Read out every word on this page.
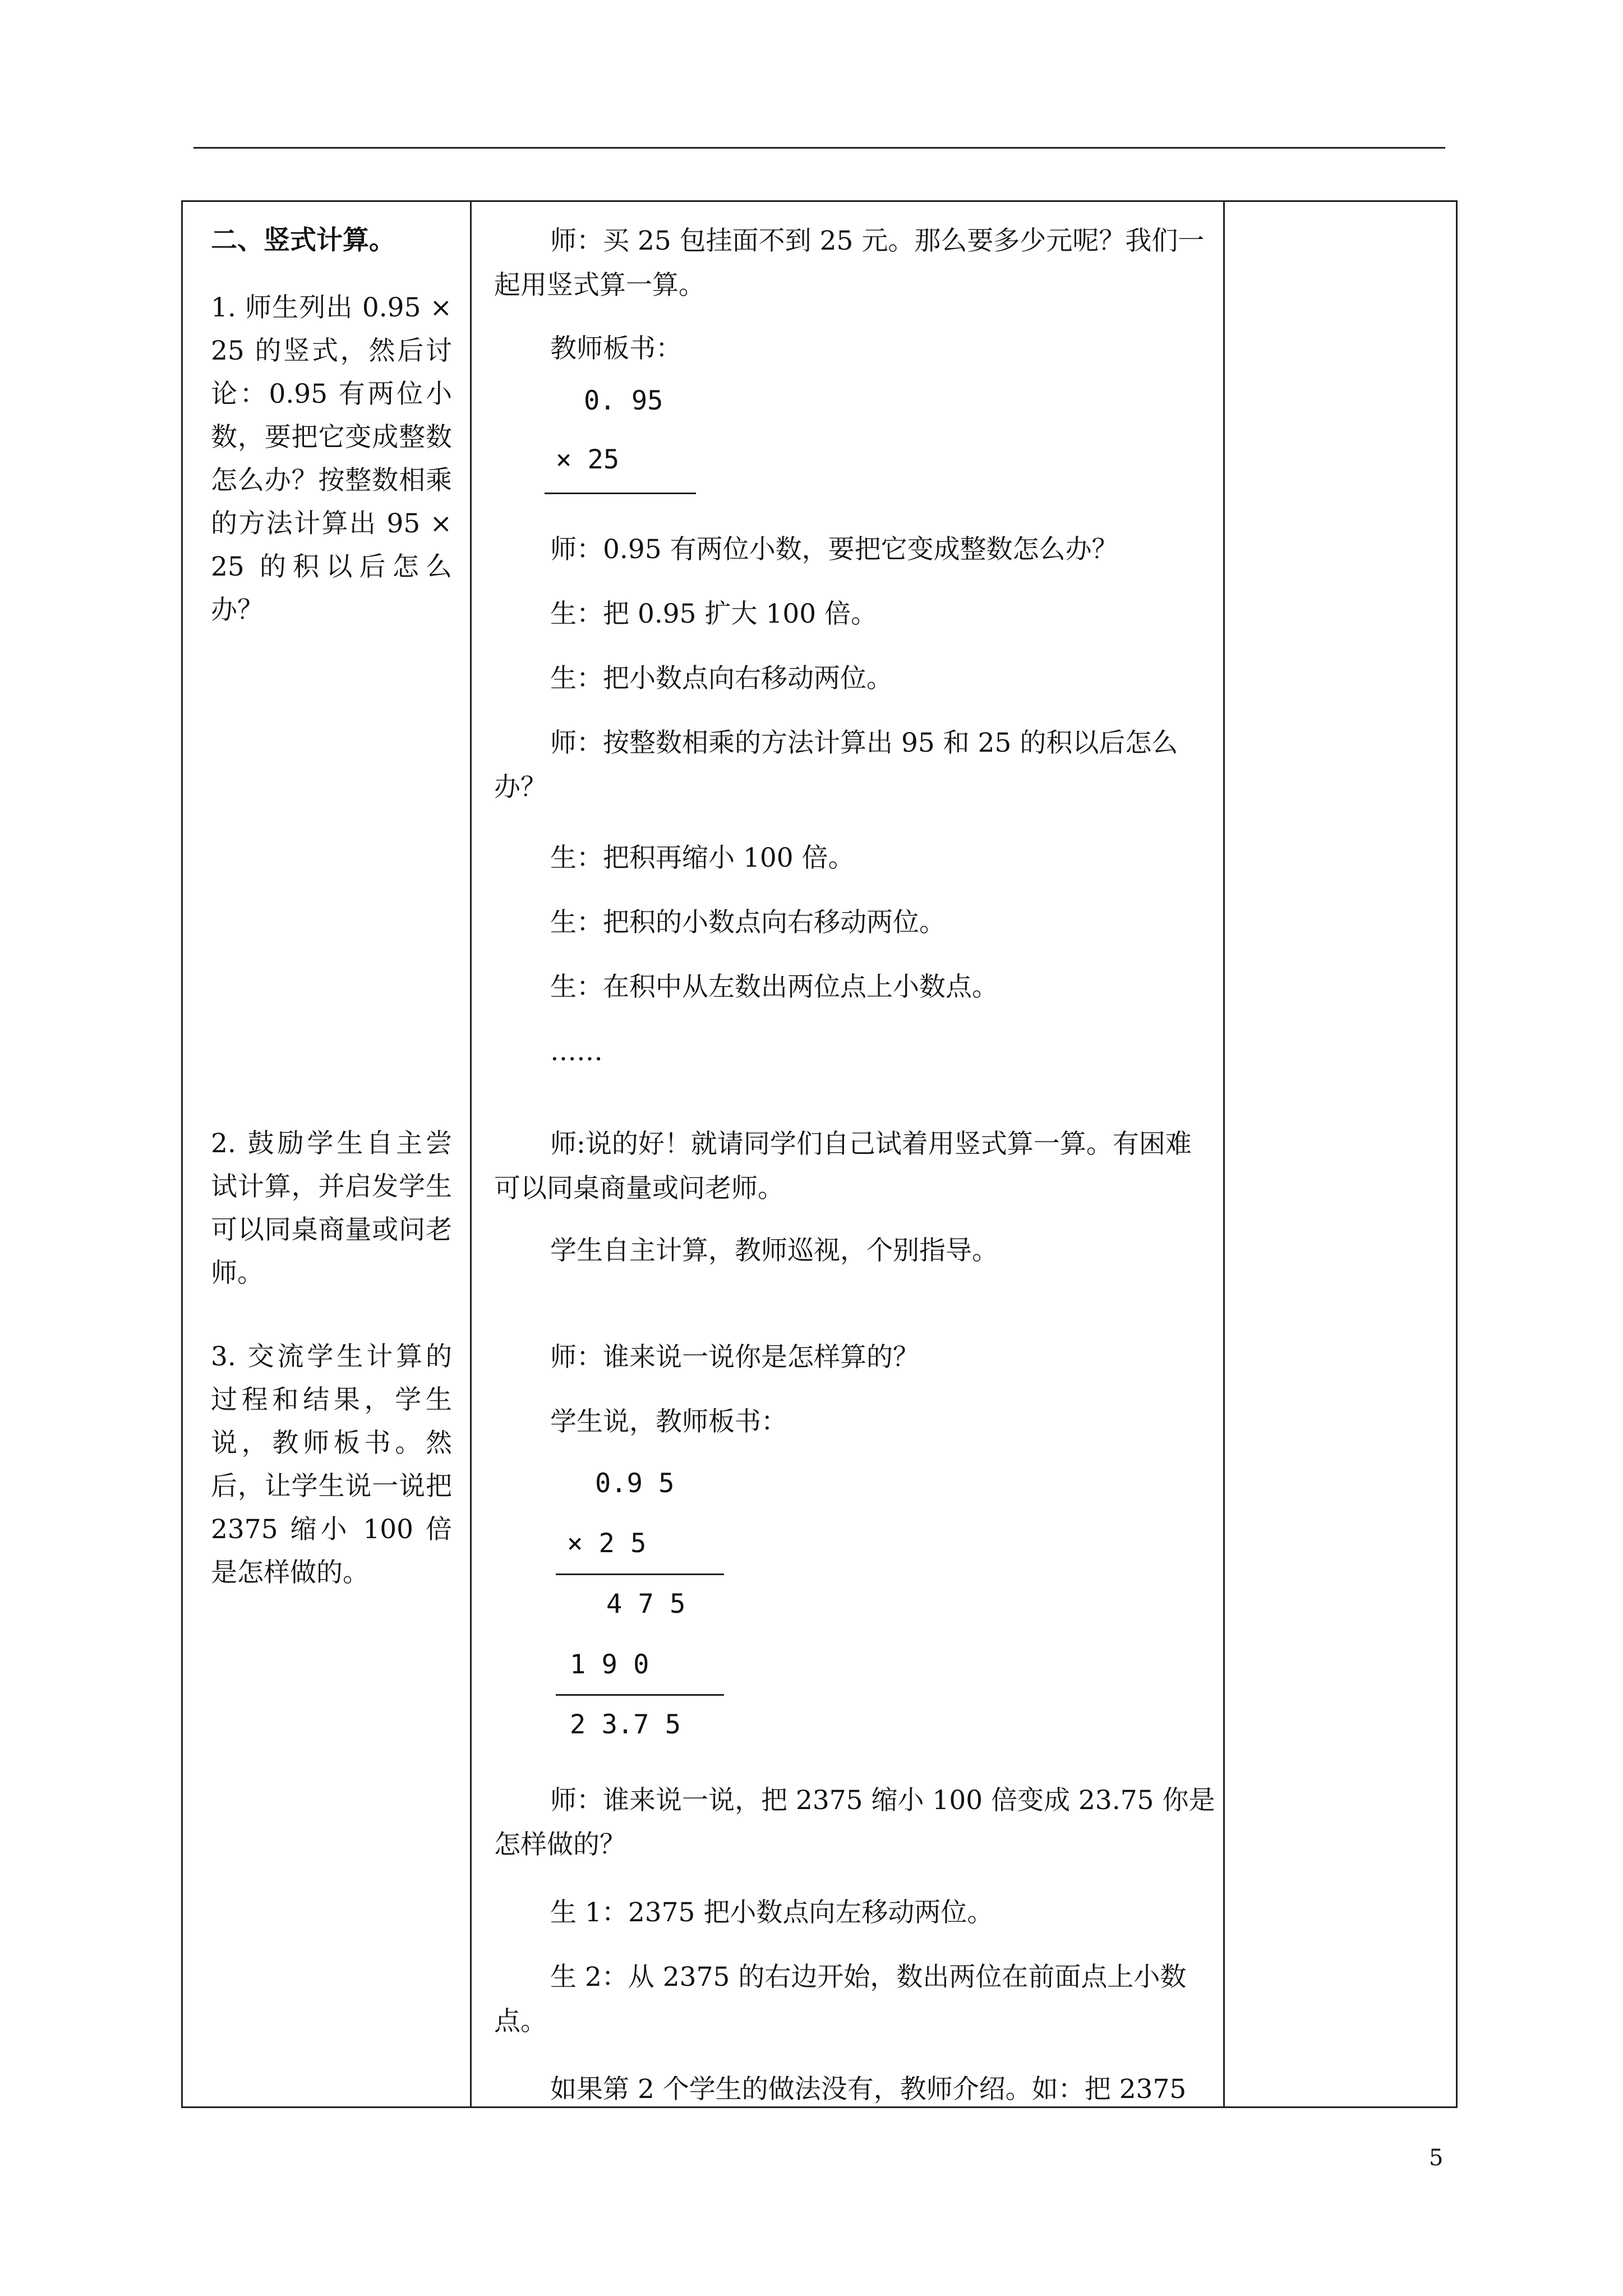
二、竖式计算。
1. 师生列出 0.95 ×25 的竖式，然后讨论：0.95 有两位小数，要把它变成整数怎么办？按整数相乘的方法计算出 95 ×25 的积以后怎么办？
2. 鼓励学生自主尝试计算，并启发学生可以同桌商量或问老师。
3. 交流学生计算的过程和结果，学生说，教师板书。然后，让学生说一说把 2375 缩小 100 倍是怎样做的。
师：买 25 包挂面不到 25 元。那么要多少元呢？我们一起用竖式算一算。
教师板书：
0. 95
× 25
师：0.95 有两位小数，要把它变成整数怎么办？
生：把 0.95 扩大 100 倍。
生：把小数点向右移动两位。
师：按整数相乘的方法计算出 95 和 25 的积以后怎么办？
生：把积再缩小 100 倍。
生：把积的小数点向右移动两位。
生：在积中从左数出两位点上小数点。
……
师:说的好！就请同学们自己试着用竖式算一算。有困难可以同桌商量或问老师。
学生自主计算，教师巡视，个别指导。
师：谁来说一说你是怎样算的？
学生说，教师板书：
0.9 5
× 2 5
4 7 5
1 9 0
2 3.7 5
师：谁来说一说，把 2375 缩小 100 倍变成 23.75 你是怎样做的？
生 1：2375 把小数点向左移动两位。
生 2：从 2375 的右边开始，数出两位在前面点上小数点。
如果第 2 个学生的做法没有，教师介绍。如：把 2375
5
